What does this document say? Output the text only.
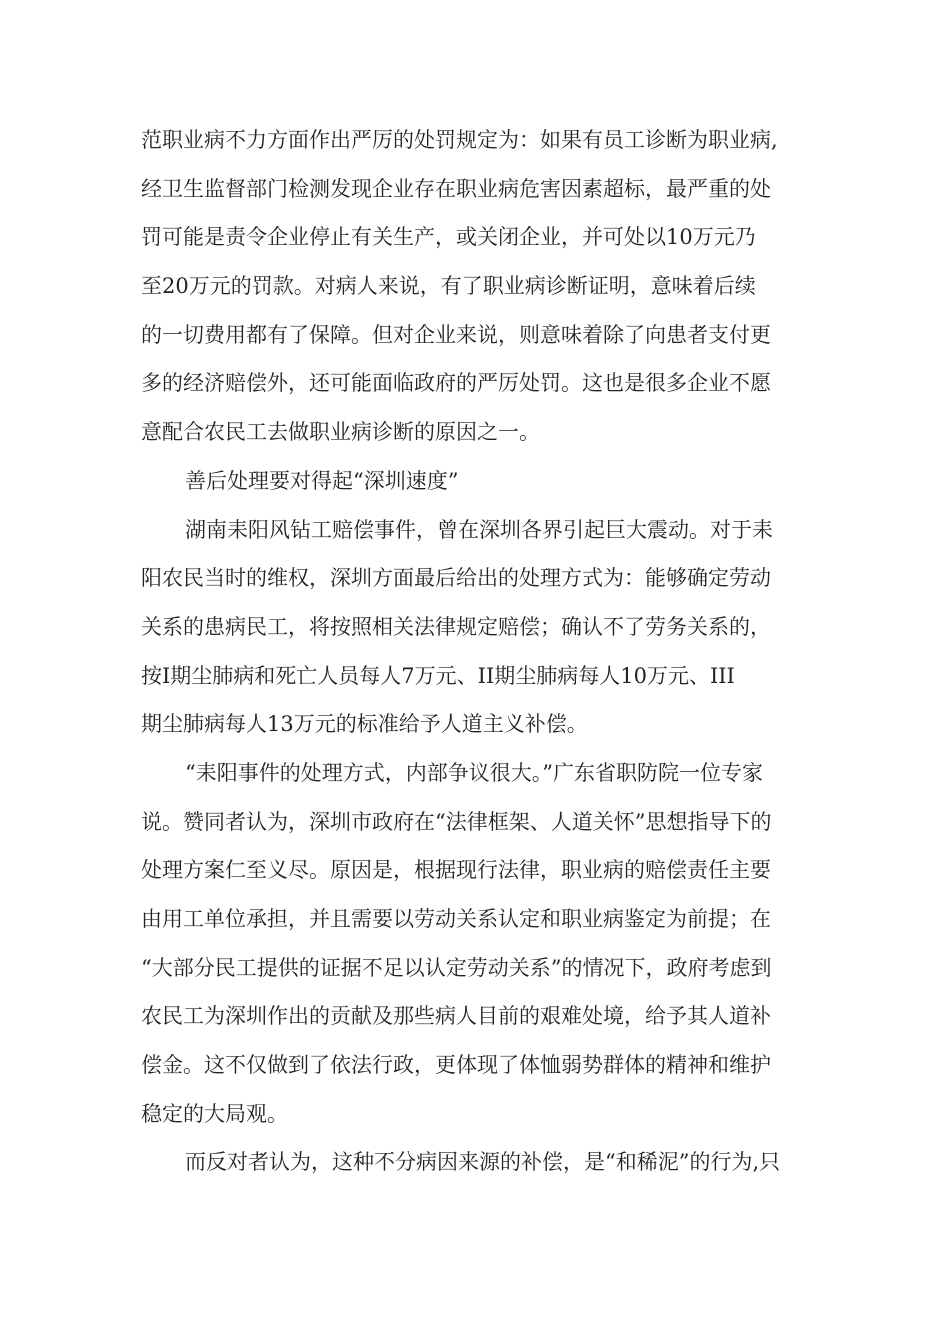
范职业病不力方面作出严厉的处罚规定为：如果有员工诊断为职业病,
经卫生监督部门检测发现企业存在职业病危害因素超标，最严重的处
罚可能是责令企业停止有关生产，或关闭企业，并可处以10万元乃
至20万元的罚款。对病人来说，有了职业病诊断证明，意味着后续
的一切费用都有了保障。但对企业来说，则意味着除了向患者支付更
多的经济赔偿外，还可能面临政府的严厉处罚。这也是很多企业不愿
意配合农民工去做职业病诊断的原因之一。
善后处理要对得起“深圳速度”
湖南耒阳风钻工赔偿事件，曾在深圳各界引起巨大震动。对于耒
阳农民当时的维权，深圳方面最后给出的处理方式为：能够确定劳动
关系的患病民工，将按照相关法律规定赔偿；确认不了劳务关系的，
按I期尘肺病和死亡人员每人7万元、II期尘肺病每人10万元、III
期尘肺病每人13万元的标准给予人道主义补偿。
“耒阳事件的处理方式，内部争议很大。”广东省职防院一位专家
说。赞同者认为，深圳市政府在“法律框架、人道关怀”思想指导下的
处理方案仁至义尽。原因是，根据现行法律，职业病的赔偿责任主要
由用工单位承担，并且需要以劳动关系认定和职业病鉴定为前提；在
“大部分民工提供的证据不足以认定劳动关系”的情况下，政府考虑到
农民工为深圳作出的贡献及那些病人目前的艰难处境，给予其人道补
偿金。这不仅做到了依法行政，更体现了体恤弱势群体的精神和维护
稳定的大局观。
而反对者认为，这种不分病因来源的补偿，是“和稀泥”的行为,只
